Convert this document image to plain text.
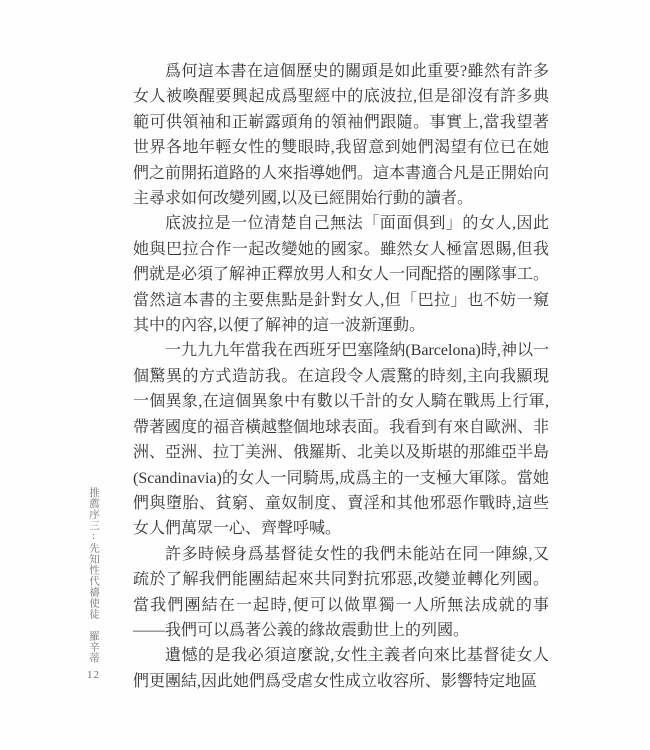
推薦序三:先知性代禱使徒　羅辛蒂
12

爲何這本書在這個歷史的關頭是如此重要?雖然有許多女人被喚醒要興起成爲聖經中的底波拉,但是卻沒有許多典範可供領袖和正嶄露頭角的領袖們跟隨。事實上,當我望著世界各地年輕女性的雙眼時,我留意到她們渴望有位已在她們之前開拓道路的人來指導她們。這本書適合凡是正開始向主尋求如何改變列國,以及已經開始行動的讀者。

底波拉是一位清楚自己無法「面面俱到」的女人,因此她與巴拉合作一起改變她的國家。雖然女人極富恩賜,但我們就是必須了解神正釋放男人和女人一同配搭的團隊事工。當然這本書的主要焦點是針對女人,但「巴拉」也不妨一窺其中的內容,以便了解神的這一波新運動。

一九九九年當我在西班牙巴塞隆納(Barcelona)時,神以一個驚異的方式造訪我。在這段令人震驚的時刻,主向我顯現一個異象,在這個異象中有數以千計的女人騎在戰馬上行軍,帶著國度的福音橫越整個地球表面。我看到有來自歐洲、非洲、亞洲、拉丁美洲、俄羅斯、北美以及斯堪的那維亞半島(Scandinavia)的女人一同騎馬,成爲主的一支極大軍隊。當她們與墮胎、貧窮、童奴制度、賣淫和其他邪惡作戰時,這些女人們萬眾一心、齊聲呼喊。

許多時候身爲基督徒女性的我們未能站在同一陣線,又疏於了解我們能團結起來共同對抗邪惡,改變並轉化列國。當我們團結在一起時,便可以做單獨一人所無法成就的事——我們可以爲著公義的緣故震動世上的列國。

遺憾的是我必須這麼說,女性主義者向來比基督徒女人們更團結,因此她們爲受虐女性成立收容所、影響特定地區
